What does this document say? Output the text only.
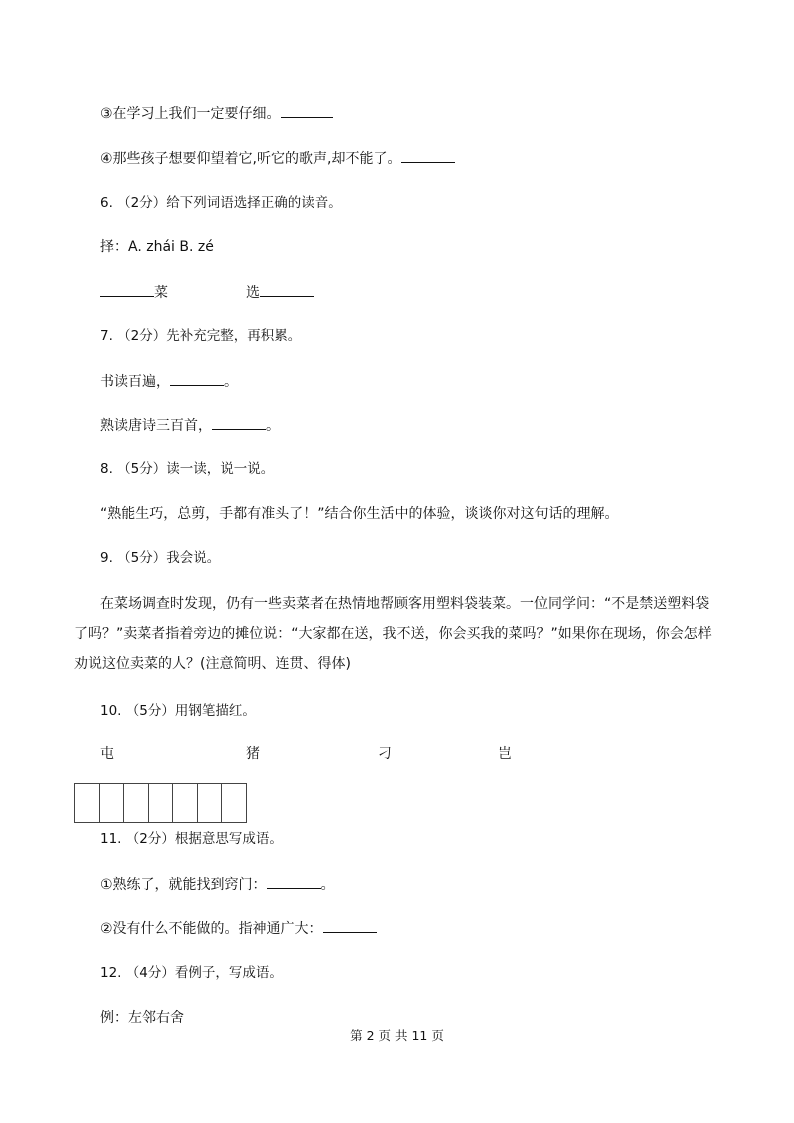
③在学习上我们一定要仔细。
④那些孩子想要仰望着它,听它的歌声,却不能了。
6. （2分）给下列词语选择正确的读音。
择：A. zhái B. zé
菜	选
7. （2分）先补充完整，再积累。
书读百遍，	。
熟读唐诗三百首，	。
8. （5分）读一读，说一说。
“熟能生巧，总剪，手都有准头了！”结合你生活中的体验，谈谈你对这句话的理解。
9. （5分）我会说。
在菜场调查时发现，仍有一些卖菜者在热情地帮顾客用塑料袋装菜。一位同学问：“不是禁送塑料袋了吗？”卖菜者指着旁边的摊位说：“大家都在送，我不送，你会买我的菜吗？”如果你在现场，你会怎样劝说这位卖菜的人？(注意简明、连贯、得体)
10. （5分）用钢笔描红。
屯	猪	刁	岂
11. （2分）根据意思写成语。
①熟练了，就能找到窍门：	。
②没有什么不能做的。指神通广大：
12. （4分）看例子，写成语。
例：左邻右舍
第 2 页 共 11 页
